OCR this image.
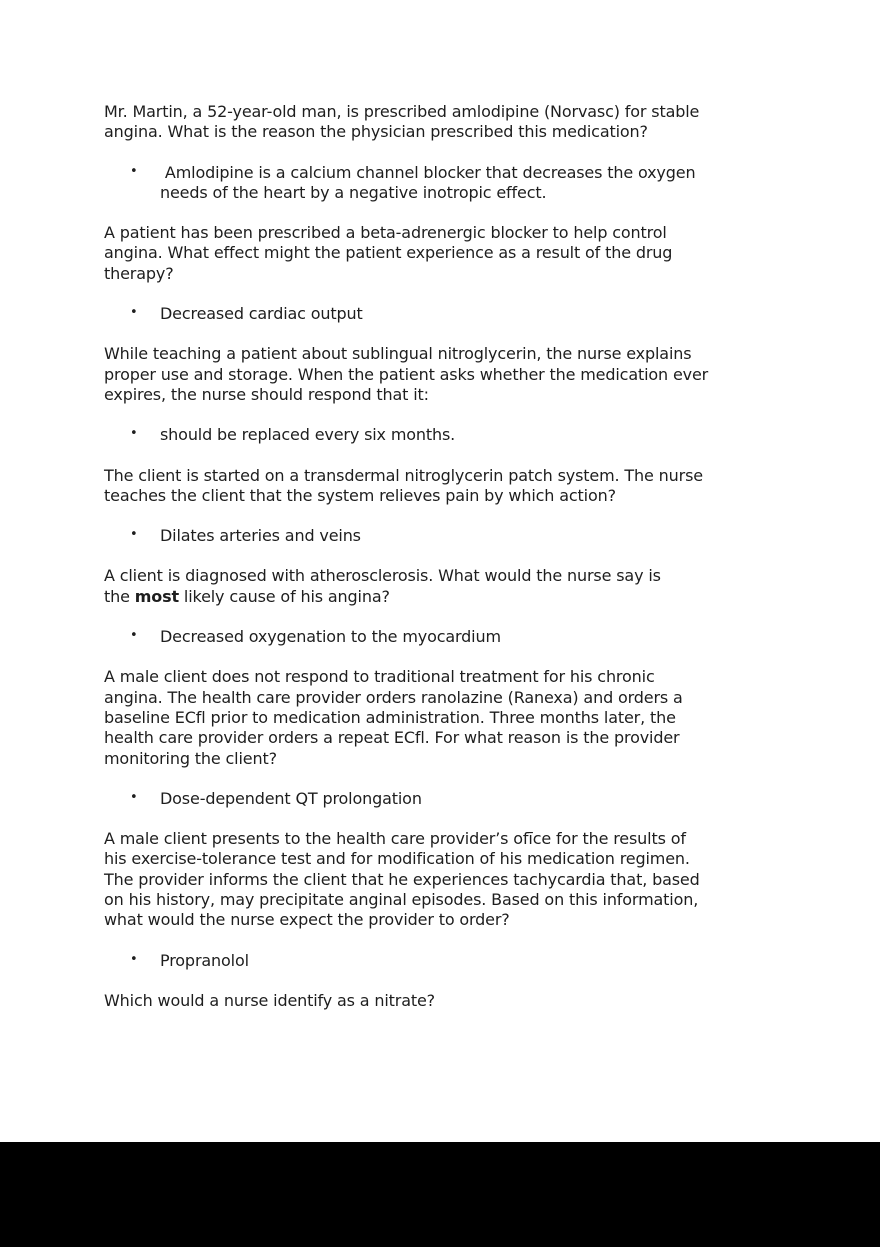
Mr. Martin, a 52-year-old man, is prescribed amlodipine (Norvasc) for stable
angina. What is the reason the physician prescribed this medication?

• Amlodipine is a calcium channel blocker that decreases the oxygen
needs of the heart by a negative inotropic effect.

A patient has been prescribed a beta-adrenergic blocker to help control
angina. What effect might the patient experience as a result of the drug
therapy?

• Decreased cardiac output

While teaching a patient about sublingual nitroglycerin, the nurse explains
proper use and storage. When the patient asks whether the medication ever
expires, the nurse should respond that it:

• should be replaced every six months.

The client is started on a transdermal nitroglycerin patch system. The nurse
teaches the client that the system relieves pain by which action?

• Dilates arteries and veins

A client is diagnosed with atherosclerosis. What would the nurse say is
the most likely cause of his angina?

• Decreased oxygenation to the myocardium

A male client does not respond to traditional treatment for his chronic
angina. The health care provider orders ranolazine (Ranexa) and orders a
baseline ECfl prior to medication administration. Three months later, the
health care provider orders a repeat ECfl. For what reason is the provider
monitoring the client?

• Dose-dependent QT prolongation

A male client presents to the health care provider’s ofīce for the results of
his exercise-tolerance test and for modification of his medication regimen.
The provider informs the client that he experiences tachycardia that, based
on his history, may precipitate anginal episodes. Based on this information,
what would the nurse expect the provider to order?

• Propranolol

Which would a nurse identify as a nitrate?
